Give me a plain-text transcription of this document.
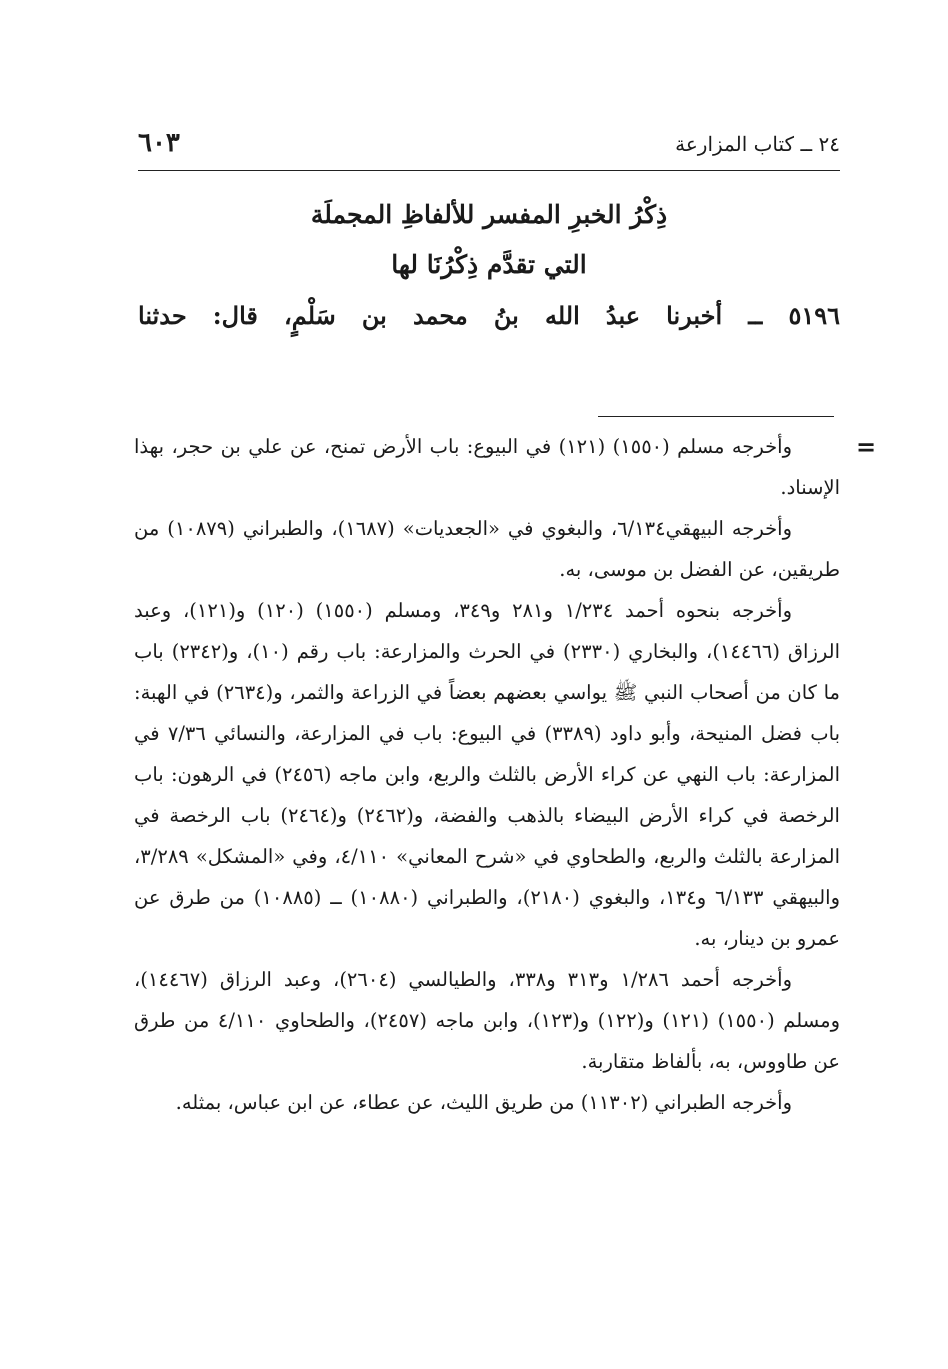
٢٤ ــ كتاب المزارعة
٦٠٣
ذِكْرُ الخبرِ المفسر للألفاظِ المجملَة
التي تقدَّم ذِكْرُنَا لها
٥١٩٦ ــ أخبرنا عبدُ الله بنُ محمد بن سَلْمٍ، قال: حدثنا
=

وأخرجه مسلم (١٥٥٠) (١٢١) في البيوع: باب الأرض تمنح، عن علي بن حجر، بهذا الإسناد.

وأخرجه البيهقي٦/١٣٤، والبغوي في «الجعديات» (١٦٨٧)، والطبراني (١٠٨٧٩) من طريقين، عن الفضل بن موسى، به.

وأخرجه بنحوه أحمد ١/٢٣٤ و٢٨١ و٣٤٩، ومسلم (١٥٥٠) (١٢٠) و(١٢١)، وعبد الرزاق (١٤٤٦٦)، والبخاري (٢٣٣٠) في الحرث والمزارعة: باب رقم (١٠)، و(٢٣٤٢) باب ما كان من أصحاب النبي ﷺ يواسي بعضهم بعضاً في الزراعة والثمر، و(٢٦٣٤) في الهبة: باب فضل المنيحة، وأبو داود (٣٣٨٩) في البيوع: باب في المزارعة، والنسائي ٧/٣٦ في المزارعة: باب النهي عن كراء الأرض بالثلث والربع، وابن ماجه (٢٤٥٦) في الرهون: باب الرخصة في كراء الأرض البيضاء بالذهب والفضة، و(٢٤٦٢) و(٢٤٦٤) باب الرخصة في المزارعة بالثلث والربع، والطحاوي في «شرح المعاني» ٤/١١٠، وفي «المشكل» ٣/٢٨٩، والبيهقي ٦/١٣٣ و١٣٤، والبغوي (٢١٨٠)، والطبراني (١٠٨٨٠) ــ (١٠٨٨٥) من طرق عن عمرو بن دينار، به.

وأخرجه أحمد ١/٢٨٦ و٣١٣ و٣٣٨، والطيالسي (٢٦٠٤)، وعبد الرزاق (١٤٤٦٧)، ومسلم (١٥٥٠) (١٢١) و(١٢٢) و(١٢٣)، وابن ماجه (٢٤٥٧)، والطحاوي ٤/١١٠ من طرق عن طاووس، به، بألفاظ متقاربة.

وأخرجه الطبراني (١١٣٠٢) من طريق الليث، عن عطاء، عن ابن عباس، بمثله.
